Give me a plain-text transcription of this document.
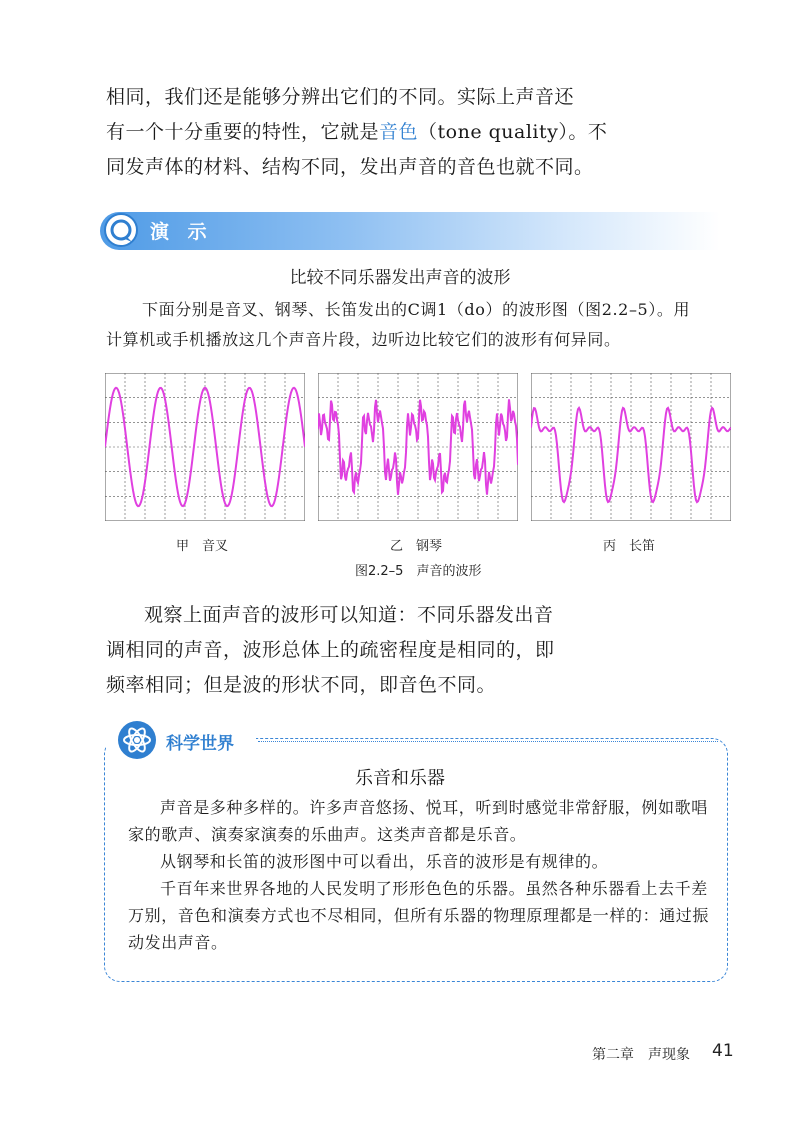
相同，我们还是能够分辨出它们的不同。实际上声音还
有一个十分重要的特性，它就是音色（tone quality）。不
同发声体的材料、结构不同，发出声音的音色也就不同。
演 示
比较不同乐器发出声音的波形
下面分别是音叉、钢琴、长笛发出的C调1（do）的波形图（图2.2–5）。用
计算机或手机播放这几个声音片段，边听边比较它们的波形有何异同。
甲　音叉	乙　钢琴	丙　长笛
图2.2–5　声音的波形
观察上面声音的波形可以知道：不同乐器发出音
调相同的声音，波形总体上的疏密程度是相同的，即
频率相同；但是波的形状不同，即音色不同。
科学世界
乐音和乐器
声音是多种多样的。许多声音悠扬、悦耳，听到时感觉非常舒服，例如歌唱
家的歌声、演奏家演奏的乐曲声。这类声音都是乐音。
从钢琴和长笛的波形图中可以看出，乐音的波形是有规律的。
千百年来世界各地的人民发明了形形色色的乐器。虽然各种乐器看上去千差
万别，音色和演奏方式也不尽相同，但所有乐器的物理原理都是一样的：通过振
动发出声音。
第二章　声现象 41
